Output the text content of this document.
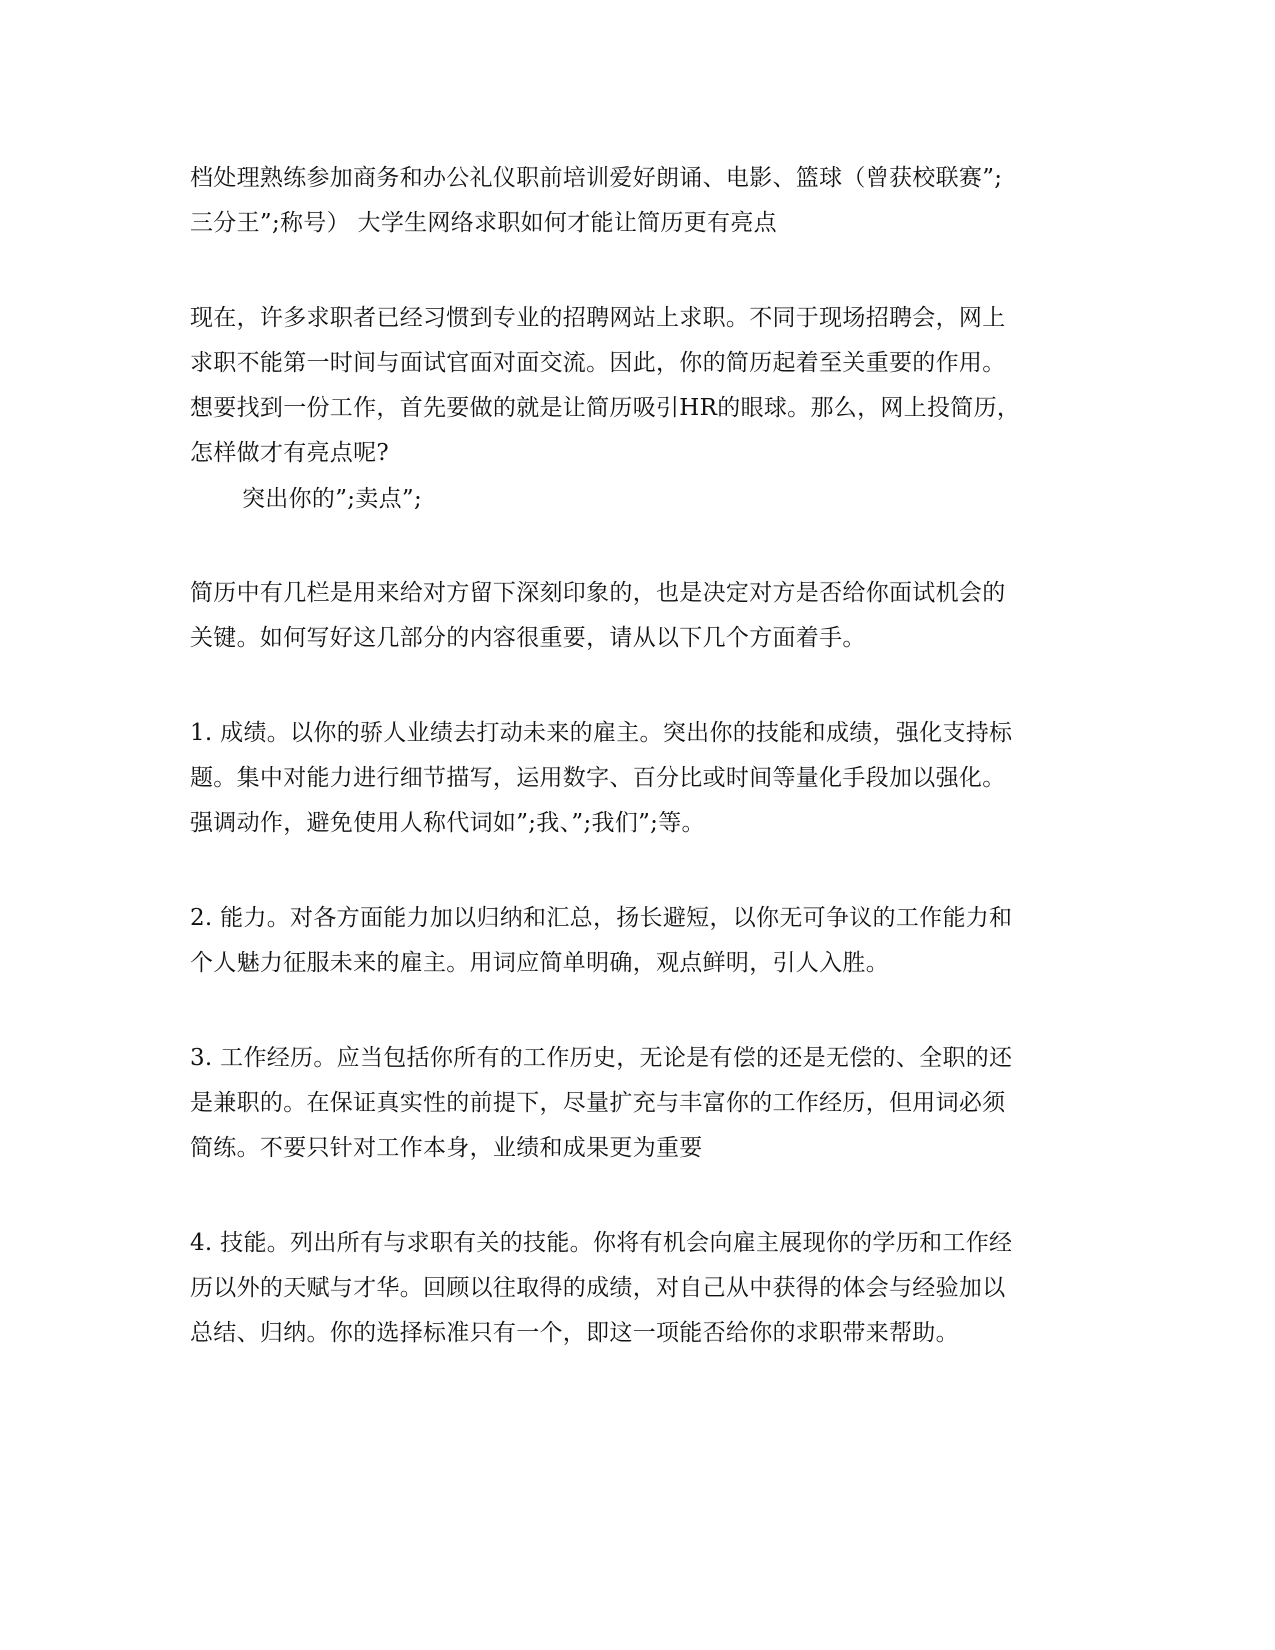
档处理熟练参加商务和办公礼仪职前培训爱好朗诵、电影、篮球（曾获校联赛”;
三分王”;称号） 大学生网络求职如何才能让简历更有亮点
现在，许多求职者已经习惯到专业的招聘网站上求职。不同于现场招聘会，网上
求职不能第一时间与面试官面对面交流。因此，你的简历起着至关重要的作用。
想要找到一份工作，首先要做的就是让简历吸引HR的眼球。那么，网上投简历，
怎样做才有亮点呢?
突出你的”;卖点”;
简历中有几栏是用来给对方留下深刻印象的，也是决定对方是否给你面试机会的
关键。如何写好这几部分的内容很重要，请从以下几个方面着手。
1. 成绩。以你的骄人业绩去打动未来的雇主。突出你的技能和成绩，强化支持标
题。集中对能力进行细节描写，运用数字、百分比或时间等量化手段加以强化。
强调动作，避免使用人称代词如”;我、”;我们”;等。
2. 能力。对各方面能力加以归纳和汇总，扬长避短，以你无可争议的工作能力和
个人魅力征服未来的雇主。用词应简单明确，观点鲜明，引人入胜。
3. 工作经历。应当包括你所有的工作历史，无论是有偿的还是无偿的、全职的还
是兼职的。在保证真实性的前提下，尽量扩充与丰富你的工作经历，但用词必须
简练。不要只针对工作本身，业绩和成果更为重要
4. 技能。列出所有与求职有关的技能。你将有机会向雇主展现你的学历和工作经
历以外的天赋与才华。回顾以往取得的成绩，对自己从中获得的体会与经验加以
总结、归纳。你的选择标准只有一个，即这一项能否给你的求职带来帮助。
